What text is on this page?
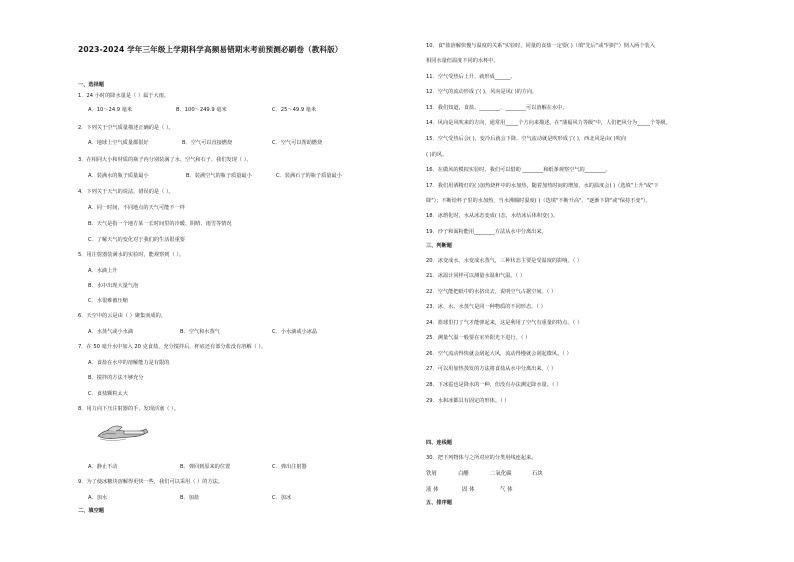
2023-2024 学年三年级上学期科学高频易错期末考前预测必刷卷（教科版）
一、选择题
1．24 小时的降水量是（ ）属于大雨。
A．10～24.9 毫米	B．100～249.9 毫米	C．25～49.9 毫米
2．下列关于空气质量描述正确的是（ ）。
A．地球上空气质量都很好	B．空气可以直接燃烧	C．空气可以帮助燃烧
3．在相同大小和材质的瓶子内分别装满了水、空气和石子，我们发现（ ）。
A．装满水的瓶子质量最小	B．装满空气的瓶子质量最小	C．装满石子的瓶子质量最小
4．下列关于天气的说法，错误的是（ ）。
A．同一时间，不同地点的天气可能不一样
B．天气是指一个地方某一长时间里的冷暖、阴晴、雨雪等情况
C．了解天气的变化对于我们的生活很重要
5．用注射器装满水的实验时，能观察到（ ）。
A．水滴上升
B．水中出现大量气泡
C．水很难被压缩
6．天空中的云是由（ ）聚集而成的。
A．水蒸气或小水滴	B．空气和水蒸气	C．小水滴或小冰晶
7．在 50 毫升水中加入 20 克食盐，充分搅拌后，杯底还有部分盐没有溶解（ ）。
A．食盐在水中的溶解能力是有限的
B．搅拌的方法不够充分
C．食盐颗粒太大
8．用力向下压注射器的手，发现活塞（ ）。
A．静止不动	B．弹回到原来的位置	C．弹出注射器
9．为了使冰糖块溶解得更快一些，我们可以采用（ ）的方法。
A．加水	B．加盐	C．加冰
二、填空题
10．食"盐溶解快慢与温度的关系"实验时，同量的食盐一定要( )（填"先后"或"同时"）倒入两个装入
相同水量但温度不同的水杯中。
11．空气受热后上升，就形成______。
12．空气的流动形成了( )，风向是风( )的方向。
13．我们知道，食盐、________、________可以溶解在水中。
14．风向是风吹来的方向，通常用_____个方向来描述。在"蒲福风力等级"中，人们把风分为_____个等级。
15．空气受热后会( )，变冷后就会下降。空气流动就是吹形成了( )，西北风是由( )吹向
( )的风。
16．在做风的模拟实验时，我们可以借助 ________和纸条观察空气的________。
17．我们用酒精灯的( )加热烧杯中的水加热，随着加热时间的增加，水的温度会( )（选填"上升"或"下
降"）；不断给杯子里的水加热，当水沸腾时温度( )（选填"不断升高"、"逐渐下降"或"保持不变"）。
18．冰熔化时，水从冰态变成( )态，水结冰后体积变( )。
19．沙子和面粉能用________方法从水中分离出来。
三、判断题
20．冰变成水，水变成水蒸气，三种状态主要是受温度的影响。（ ）
21．冰温计同样可以测量水温和气温。（ ）
22．空气能把纸中的水挤出去，说明空气占据空间。（ ）
23．冰、水、水蒸气是同一种物质的不同形态。（ ）
24．篮球里打了气才能弹起来，这是利用了空气有重量的特点。（ ）
25．测量气温一般要在室外阳光下进行。（ ）
26．空气流动得快就会刮起大风，流动得慢就会刮起微风。（ ）
27．可以用加热蒸发的方法将食盐从水中分离出来。（ ）
28．下冰雹也是降水的一种，但没有办法测定降水量。（ ）
29．水和冰都具有固定的形体。（ ）
四、连线题
30．把下列物体与之所对应的分类用线连起来。
铁屑	白醋	二氧化碳	石块
液 体	固 体	气 体
五、排序题
